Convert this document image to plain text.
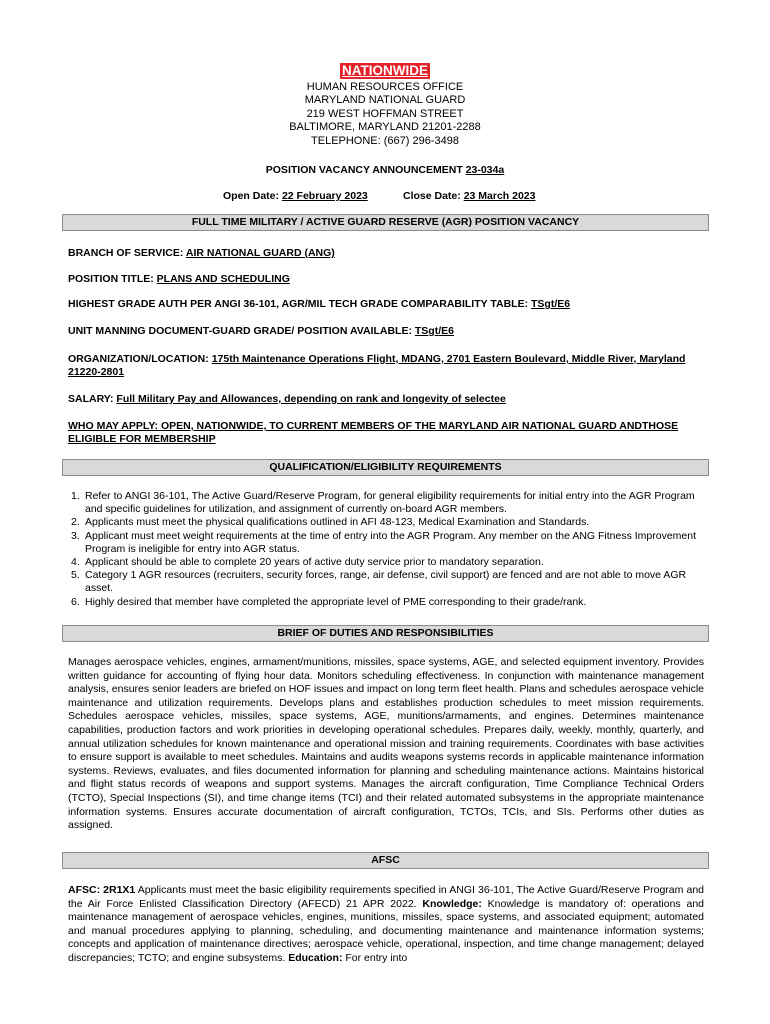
NATIONWIDE
HUMAN RESOURCES OFFICE
MARYLAND NATIONAL GUARD
219 WEST HOFFMAN STREET
BALTIMORE, MARYLAND 21201-2288
TELEPHONE: (667) 296-3498
POSITION VACANCY ANNOUNCEMENT 23-034a
Open Date: 22 February 2023	Close Date: 23 March 2023
FULL TIME MILITARY / ACTIVE GUARD RESERVE (AGR) POSITION VACANCY
BRANCH OF SERVICE: AIR NATIONAL GUARD (ANG)
POSITION TITLE: PLANS AND SCHEDULING
HIGHEST GRADE AUTH PER ANGI 36-101, AGR/MIL TECH GRADE COMPARABILITY TABLE: TSgt/E6
UNIT MANNING DOCUMENT-GUARD GRADE/ POSITION AVAILABLE: TSgt/E6
ORGANIZATION/LOCATION: 175th Maintenance Operations Flight, MDANG, 2701 Eastern Boulevard, Middle River, Maryland 21220-2801
SALARY: Full Military Pay and Allowances, depending on rank and longevity of selectee
WHO MAY APPLY: OPEN, NATIONWIDE, TO CURRENT MEMBERS OF THE MARYLAND AIR NATIONAL GUARD ANDTHOSE ELIGIBLE FOR MEMBERSHIP
QUALIFICATION/ELIGIBILITY REQUIREMENTS
1. Refer to ANGI 36-101, The Active Guard/Reserve Program, for general eligibility requirements for initial entry into the AGR Program and specific guidelines for utilization, and assignment of currently on-board AGR members.
2. Applicants must meet the physical qualifications outlined in AFI 48-123, Medical Examination and Standards.
3. Applicant must meet weight requirements at the time of entry into the AGR Program. Any member on the ANG Fitness Improvement Program is ineligible for entry into AGR status.
4. Applicant should be able to complete 20 years of active duty service prior to mandatory separation.
5. Category 1 AGR resources (recruiters, security forces, range, air defense, civil support) are fenced and are not able to move AGR asset.
6. Highly desired that member have completed the appropriate level of PME corresponding to their grade/rank.
BRIEF OF DUTIES AND RESPONSIBILITIES
Manages aerospace vehicles, engines, armament/munitions, missiles, space systems, AGE, and selected equipment inventory. Provides written guidance for accounting of flying hour data. Monitors scheduling effectiveness. In conjunction with maintenance management analysis, ensures senior leaders are briefed on HOF issues and impact on long term fleet health. Plans and schedules aerospace vehicle maintenance and utilization requirements. Develops plans and establishes production schedules to meet mission requirements. Schedules aerospace vehicles, missiles, space systems, AGE, munitions/armaments, and engines. Determines maintenance capabilities, production factors and work priorities in developing operational schedules. Prepares daily, weekly, monthly, quarterly, and annual utilization schedules for known maintenance and operational mission and training requirements. Coordinates with base activities to ensure support is available to meet schedules. Maintains and audits weapons systems records in applicable maintenance information systems. Reviews, evaluates, and files documented information for planning and scheduling maintenance actions. Maintains historical and flight status records of weapons and support systems. Manages the aircraft configuration, Time Compliance Technical Orders (TCTO), Special Inspections (SI), and time change items (TCI) and their related automated subsystems in the appropriate maintenance information systems. Ensures accurate documentation of aircraft configuration, TCTOs, TCIs, and SIs. Performs other duties as assigned.
AFSC
AFSC: 2R1X1 Applicants must meet the basic eligibility requirements specified in ANGI 36-101, The Active Guard/Reserve Program and the Air Force Enlisted Classification Directory (AFECD) 21 APR 2022. Knowledge: Knowledge is mandatory of: operations and maintenance management of aerospace vehicles, engines, munitions, missiles, space systems, and associated equipment; automated and manual procedures applying to planning, scheduling, and documenting maintenance and maintenance information systems; concepts and application of maintenance directives; aerospace vehicle, operational, inspection, and time change management; delayed discrepancies; TCTO; and engine subsystems. Education: For entry into
